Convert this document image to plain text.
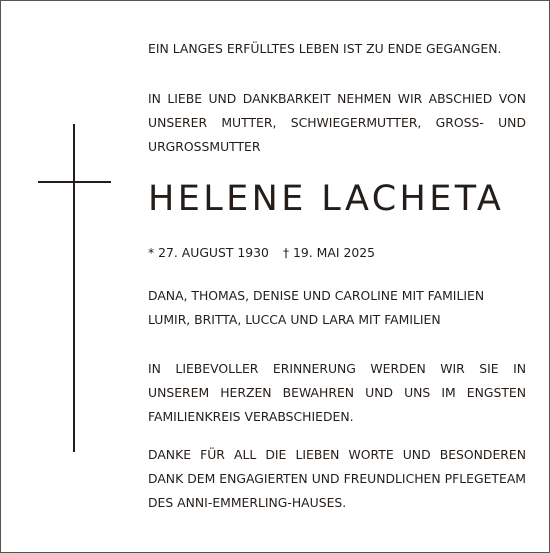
EIN LANGES ERFÜLLTES LEBEN IST ZU ENDE GEGANGEN.
IN LIEBE UND DANKBARKEIT NEHMEN WIR ABSCHIED VON UNSERER MUTTER, SCHWIEGERMUTTER, GROSS- UND URGROSSMUTTER
HELENE LACHETA
* 27. AUGUST 1930 † 19. MAI 2025
DANA, THOMAS, DENISE UND CAROLINE MIT FAMILIEN
LUMIR, BRITTA, LUCCA UND LARA MIT FAMILIEN
IN LIEBEVOLLER ERINNERUNG WERDEN WIR SIE IN UNSEREM HERZEN BEWAHREN UND UNS IM ENGSTEN FAMILIENKREIS VERABSCHIEDEN.
DANKE FÜR ALL DIE LIEBEN WORTE UND BESONDEREN DANK DEM ENGAGIERTEN UND FREUNDLICHEN PFLEGETEAM DES ANNI-EMMERLING-HAUSES.
